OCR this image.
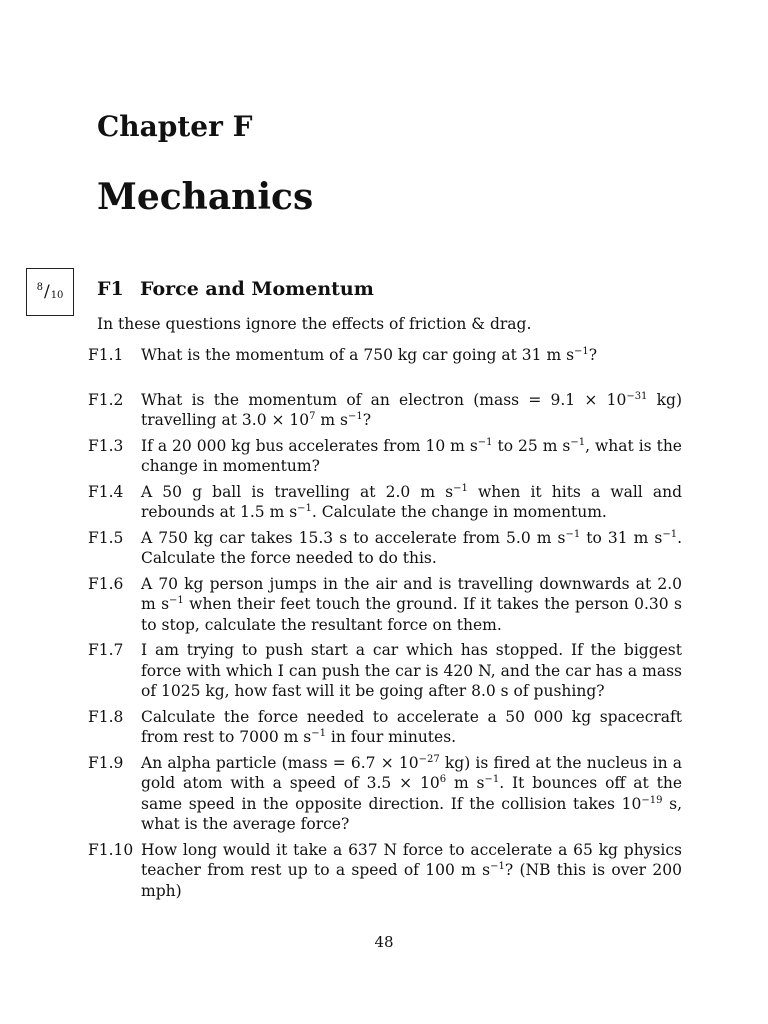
Chapter F
Mechanics
$^8$ $/_{10}$ F1 Force and Momentum

In these questions ignore the effects of friction & drag.

F1.1 What is the momentum of a 750 kg car going at 31 m $s^{-1}$?
F1.2 What is the momentum of an electron (mass = $9.1 \times 10^{-31}$ kg) travelling at $3.0 \times 10^7$ m $s^{-1}$?
F1.3 If a 20 000 kg bus accelerates from 10 m $s^{-1}$ to 25 m $s^{-1}$, what is the change in momentum?
F1.4 A 50 g ball is travelling at 2.0 m $s^{-1}$ when it hits a wall and rebounds at 1.5 m $s^{-1}$. Calculate the change in momentum.
F1.5 A 750 kg car takes 15.3 s to accelerate from 5.0 m $s^{-1}$ to 31 m $s^{-1}$. Calculate the force needed to do this.
F1.6 A 70 kg person jumps in the air and is travelling downwards at 2.0 m $s^{-1}$ when their feet touch the ground. If it takes the person 0.30 s to stop, calculate the resultant force on them.
F1.7 I am trying to push start a car which has stopped. If the biggest force with which I can push the car is 420 N, and the car has a mass of 1025 kg, how fast will it be going after 8.0 s of pushing?
F1.8 Calculate the force needed to accelerate a 50 000 kg spacecraft from rest to 7000 m $s^{-1}$ in four minutes.
F1.9 An alpha particle (mass = $6.7 \times 10^{-27}$ kg) is fired at the nucleus in a gold atom with a speed of $3.5 \times 10^6$ m $s^{-1}$. It bounces off at the same speed in the opposite direction. If the collision takes $10^{-19}$ s, what is the average force?
F1.10 How long would it take a 637 N force to accelerate a 65 kg physics teacher from rest up to a speed of 100 m $s^{-1}$? (NB this is over 200 mph)

48
